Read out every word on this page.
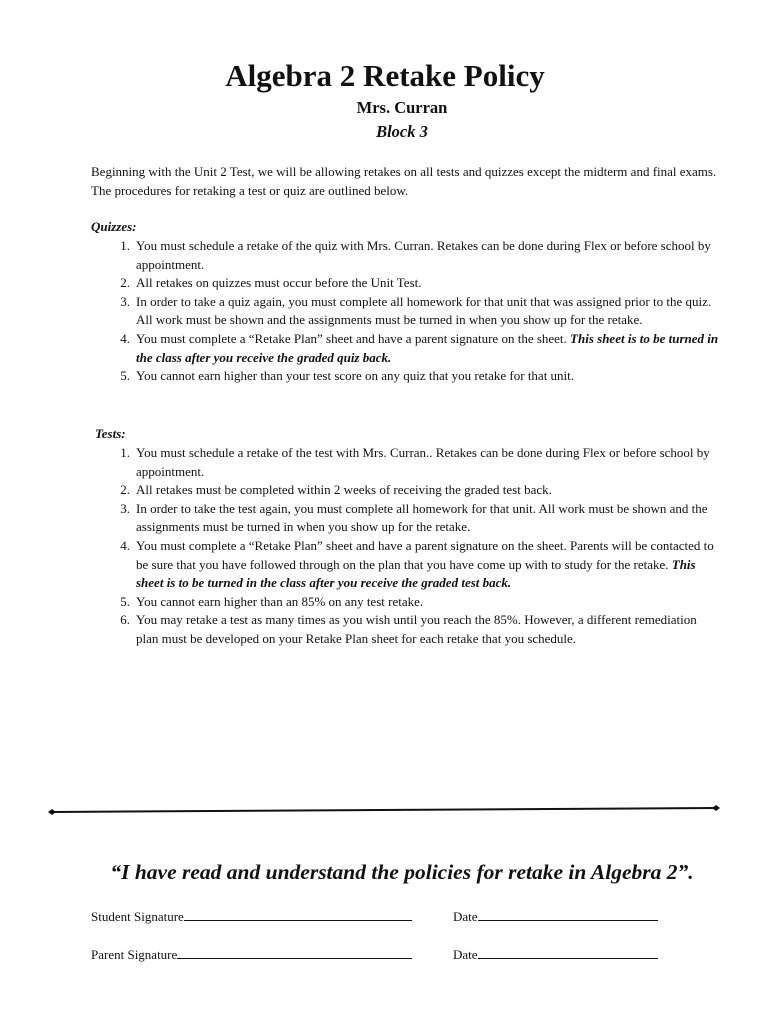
Algebra 2 Retake Policy
Mrs. Curran
Block 3

Beginning with the Unit 2 Test, we will be allowing retakes on all tests and quizzes except the midterm and final exams. The procedures for retaking a test or quiz are outlined below.

Quizzes:
1. You must schedule a retake of the quiz with Mrs. Curran. Retakes can be done during Flex or before school by appointment.
2. All retakes on quizzes must occur before the Unit Test.
3. In order to take a quiz again, you must complete all homework for that unit that was assigned prior to the quiz. All work must be shown and the assignments must be turned in when you show up for the retake.
4. You must complete a “Retake Plan” sheet and have a parent signature on the sheet. This sheet is to be turned in the class after you receive the graded quiz back.
5. You cannot earn higher than your test score on any quiz that you retake for that unit.
Tests:
1. You must schedule a retake of the test with Mrs. Curran.. Retakes can be done during Flex or before school by appointment.
2. All retakes must be completed within 2 weeks of receiving the graded test back.
3. In order to take the test again, you must complete all homework for that unit. All work must be shown and the assignments must be turned in when you show up for the retake.
4. You must complete a “Retake Plan” sheet and have a parent signature on the sheet. Parents will be contacted to be sure that you have followed through on the plan that you have come up with to study for the retake. This sheet is to be turned in the class after you receive the graded test back.
5. You cannot earn higher than an 85% on any test retake.
6. You may retake a test as many times as you wish until you reach the 85%. However, a different remediation plan must be developed on your Retake Plan sheet for each retake that you schedule.
“I have read and understand the policies for retake in Algebra 2”.
Student Signature	Date
Parent Signature	Date
